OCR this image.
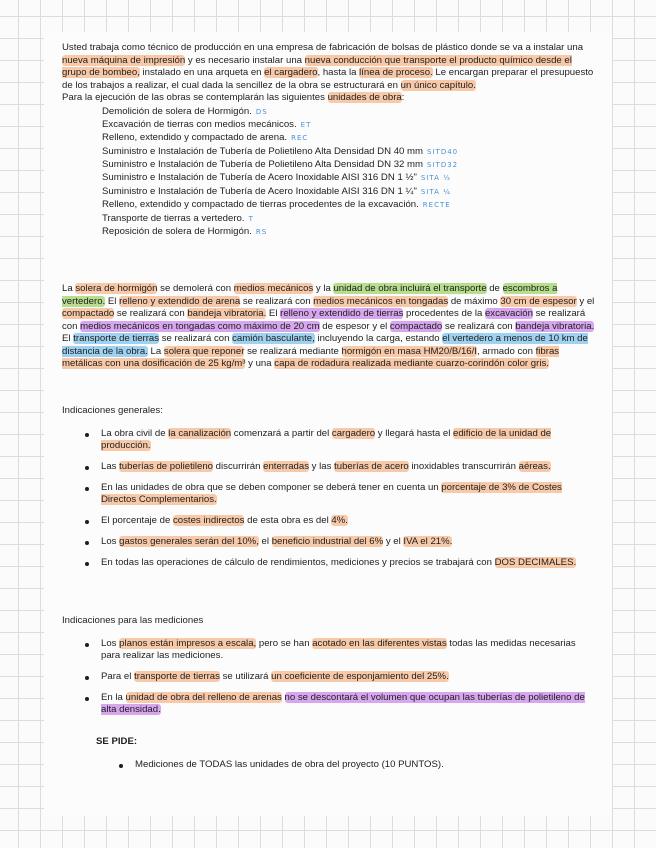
Usted trabaja como técnico de producción en una empresa de fabricación de bolsas de plástico donde se va a instalar una nueva máquina de impresión y es necesario instalar una nueva conducción que transporte el producto químico desde el grupo de bombeo, instalado en una arqueta en el cargadero, hasta la línea de proceso. Le encargan preparar el presupuesto de los trabajos a realizar, el cual dada la sencillez de la obra se estructurará en un único capítulo.

Para la ejecución de las obras se contemplarán las siguientes unidades de obra:

Demolición de solera de Hormigón. DS
Excavación de tierras con medios mecánicos. ET
Relleno, extendido y compactado de arena. REC
Suministro e Instalación de Tubería de Polietileno Alta Densidad DN 40 mm SITD40
Suministro e Instalación de Tubería de Polietileno Alta Densidad DN 32 mm SITD32
Suministro e Instalación de Tubería de Acero Inoxidable AISI 316 DN 1 ½" SITA ½
Suministro e Instalación de Tubería de Acero Inoxidable AISI 316 DN 1 ¼" SITA ¼
Relleno, extendido y compactado de tierras procedentes de la excavación. RECTE
Transporte de tierras a vertedero. T
Reposición de solera de Hormigón. RS

La solera de hormigón se demolerá con medios mecánicos y la unidad de obra incluirá el transporte de escombros a vertedero. El relleno y extendido de arena se realizará con medios mecánicos en tongadas de máximo 30 cm de espesor y el compactado se realizará con bandeja vibratoria. El relleno y extendido de tierras procedentes de la excavación se realizará con medios mecánicos en tongadas como máximo de 20 cm de espesor y el compactado se realizará con bandeja vibratoria. El transporte de tierras se realizará con camión basculante, incluyendo la carga, estando el vertedero a menos de 10 km de distancia de la obra. La solera que reponer se realizará mediante hormigón en masa HM20/B/16/I, armado con fibras metálicas con una dosificación de 25 kg/m³ y una capa de rodadura realizada mediante cuarzo-corindón color gris.

Indicaciones generales:

La obra civil de la canalización comenzará a partir del cargadero y llegará hasta el edificio de la unidad de producción.
Las tuberías de polietileno discurrirán enterradas y las tuberías de acero inoxidables transcurrirán aéreas.
En las unidades de obra que se deben componer se deberá tener en cuenta un porcentaje de 3% de Costes Directos Complementarios.
El porcentaje de costes indirectos de esta obra es del 4%.
Los gastos generales serán del 10%, el beneficio industrial del 6% y el IVA el 21%.
En todas las operaciones de cálculo de rendimientos, mediciones y precios se trabajará con DOS DECIMALES.

Indicaciones para las mediciones

Los planos están impresos a escala, pero se han acotado en las diferentes vistas todas las medidas necesarias para realizar las mediciones.
Para el transporte de tierras se utilizará un coeficiente de esponjamiento del 25%.
En la unidad de obra del relleno de arenas no se descontará el volumen que ocupan las tuberías de polietileno de alta densidad.

SE PIDE:

Mediciones de TODAS las unidades de obra del proyecto (10 PUNTOS).
